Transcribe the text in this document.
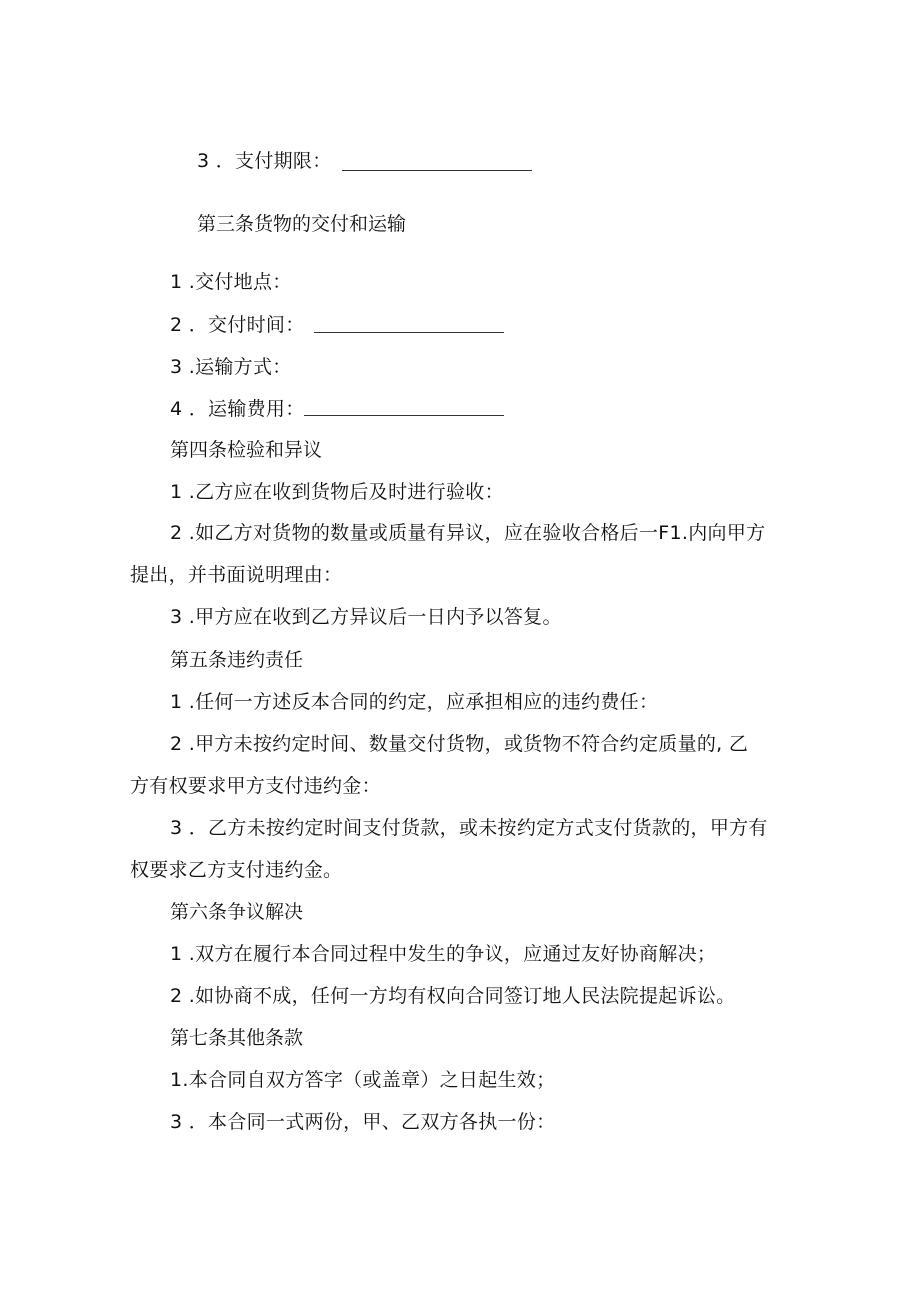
3 ．支付期限：
第三条货物的交付和运输
1 .交付地点：
2 ．交付时间：
3 .运输方式：
4 ．运输费用：
第四条检验和异议
1 .乙方应在收到货物后及时进行验收：
2 .如乙方对货物的数量或质量有异议，应在验收合格后一F1.内向甲方
提出，并书面说明理由：
3 .甲方应在收到乙方异议后一日内予以答复。
第五条违约责任
1 .任何一方述反本合同的约定，应承担相应的违约费任：
2 .甲方未按约定时间、数量交付货物，或货物不符合约定质量的, 乙
方有权要求甲方支付违约金：
3 ．乙方未按约定时间支付货款，或未按约定方式支付货款的，甲方有
权要求乙方支付违约金。
第六条争议解决
1 .双方在履行本合同过程中发生的争议，应通过友好协商解决；
2 .如协商不成，任何一方均有权向合同签订地人民法院提起诉讼。
第七条其他条款
1.本合同自双方答字（或盖章）之日起生效；
3 ．本合同一式两份，甲、乙双方各执一份：
